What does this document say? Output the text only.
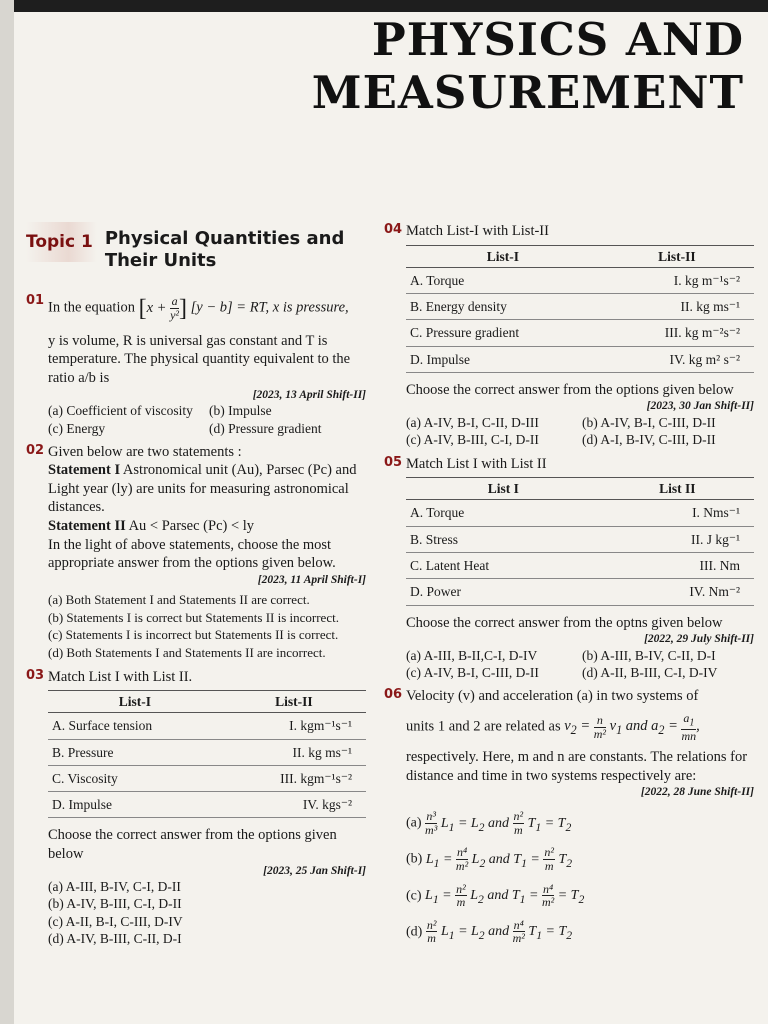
PHYSICS AND
MEASUREMENT
Topic 1 Physical Quantities and Their Units
01 In the equation [$x + \frac{a}{\text{y²}}$ ] [y − b] = RT, x is pressure,
y is volume, R is universal gas constant and T is temperature. The physical quantity equivalent to the ratio a/b is
[2023, 13 April Shift-II]
(a) Coefficient of viscosity	(b) Impulse
(c) Energy	(d) Pressure gradient
02 Given below are two statements :
Statement I Astronomical unit (Au), Parsec (Pc) and Light year (ly) are units for measuring astronomical distances.
Statement II Au < Parsec (Pc) < ly
In the light of above statements, choose the most appropriate answer from the options given below.
[2023, 11 April Shift-I]
(a) Both Statement I and Statements II are correct.
(b) Statements I is correct but Statements II is incorrect.
(c) Statements I is incorrect but Statements II is correct.
(d) Both Statements I and Statements II are incorrect.
03 Match List I with List II.
List-I	List-II
A. Surface tension	I. kgm⁻¹s⁻¹
B. Pressure	II. kg ms⁻¹
C. Viscosity	III. kgm⁻¹s⁻²
D. Impulse	IV. kgs⁻²
Choose the correct answer from the options given below
[2023, 25 Jan Shift-I]
(a) A-III, B-IV, C-I, D-II
(b) A-IV, B-III, C-I, D-II
(c) A-II, B-I, C-III, D-IV
(d) A-IV, B-III, C-II, D-I
04 Match List-I with List-II
List-I	List-II
A. Torque	I. kg m⁻¹s⁻²
B. Energy density	II. kg ms⁻¹
C. Pressure gradient	III. kg m⁻²s⁻²
D. Impulse	IV. kg m² s⁻²
Choose the correct answer from the options given below
[2023, 30 Jan Shift-II]
(a) A-IV, B-I, C-II, D-III	(b) A-IV, B-I, C-III, D-II
(c) A-IV, B-III, C-I, D-II	(d) A-I, B-IV, C-III, D-II
05 Match List I with List II
List I	List II
A. Torque	I. Nms⁻¹
B. Stress	II. J kg⁻¹
C. Latent Heat	III. Nm
D. Power	IV. Nm⁻²
Choose the correct answer from the optns given below
[2022, 29 July Shift-II]
(a) A-III, B-II,C-I, D-IV	(b) A-III, B-IV, C-II, D-I
(c) A-IV, B-I, C-III, D-II	(d) A-II, B-III, C-I, D-IV
06 Velocity (v) and acceleration (a) in two systems of
units 1 and 2 are related as $v_2 = \frac{n}{\text{m²}} v_1$ and $a_2 = \frac{a_1}{mn}$ ,
respectively. Here, m and n are constants. The relations for distance and time in two systems respectively are:
[2022, 28 June Shift-II]
$(a) \frac{\text{n³}}{\text{m³}} L_1 = L_2$ and $\frac{\text{n²}}{m} T_1 = T_2$
(b) $L_1 = \frac{\text{n⁴}}{\text{m²}} L_2$ and $T_1 = \frac{\text{n²}}{m} T_2$
(c) $L_1 = \frac{\text{n²}}{m} L_2$ and $T_1 = \frac{\text{n⁴}}{\text{m²}} = T_2$
$(d) \frac{\text{n²}}{m} L_1 = L_2$ and $\frac{\text{n⁴}}{\text{m²}} T_1 = T_2$
